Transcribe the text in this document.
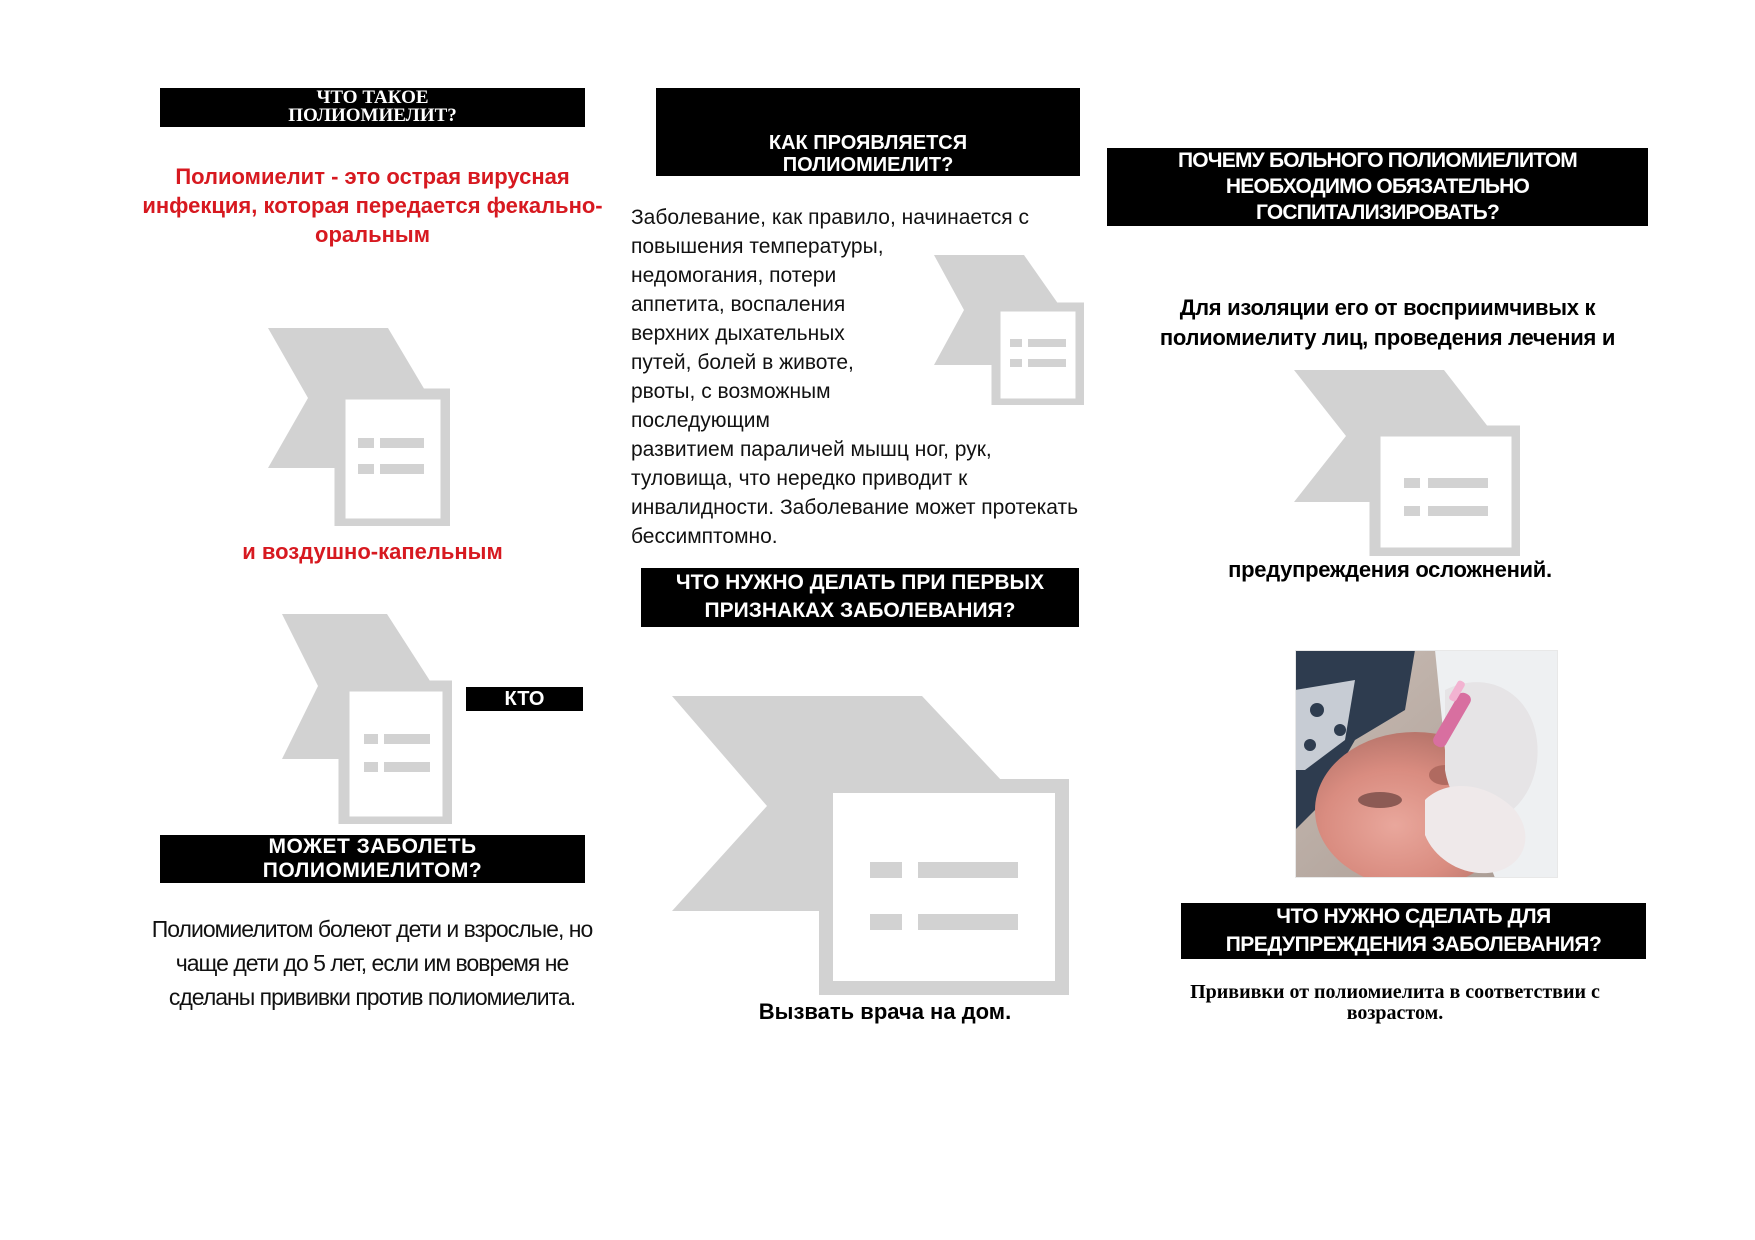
ЧТО ТАКОЕ
ПОЛИОМИЕЛИТ?
Полиомиелит - это острая вирусная инфекция, которая передается фекально-оральным
и воздушно-капельным
КТО
МОЖЕТ ЗАБОЛЕТЬ
ПОЛИОМИЕЛИТОМ?
Полиомиелитом болеют дети и взрослые, но чаще дети до 5 лет, если им вовремя не сделаны прививки против полиомиелита.
КАК ПРОЯВЛЯЕТСЯ
ПОЛИОМИЕЛИТ?
Заболевание, как правило, начинается с
повышения температуры,
недомогания, потери
аппетита, воспаления
верхних дыхательных
путей, болей в животе,
рвоты, с возможным
последующим
развитием параличей мышц ног, рук,
туловища, что нередко приводит к
инвалидности. Заболевание может протекать
бессимптомно.
ЧТО НУЖНО ДЕЛАТЬ ПРИ ПЕРВЫХ
ПРИЗНАКАХ ЗАБОЛЕВАНИЯ?
Вызвать врача на дом.
ПОЧЕМУ БОЛЬНОГО ПОЛИОМИЕЛИТОМ
НЕОБХОДИМО ОБЯЗАТЕЛЬНО
ГОСПИТАЛИЗИРОВАТЬ?
Для изоляции его от восприимчивых к полиомиелиту лиц, проведения лечения и
предупреждения осложнений.
ЧТО НУЖНО СДЕЛАТЬ ДЛЯ
ПРЕДУПРЕЖДЕНИЯ ЗАБОЛЕВАНИЯ?
Прививки от полиомиелита в соответствии с возрастом.
